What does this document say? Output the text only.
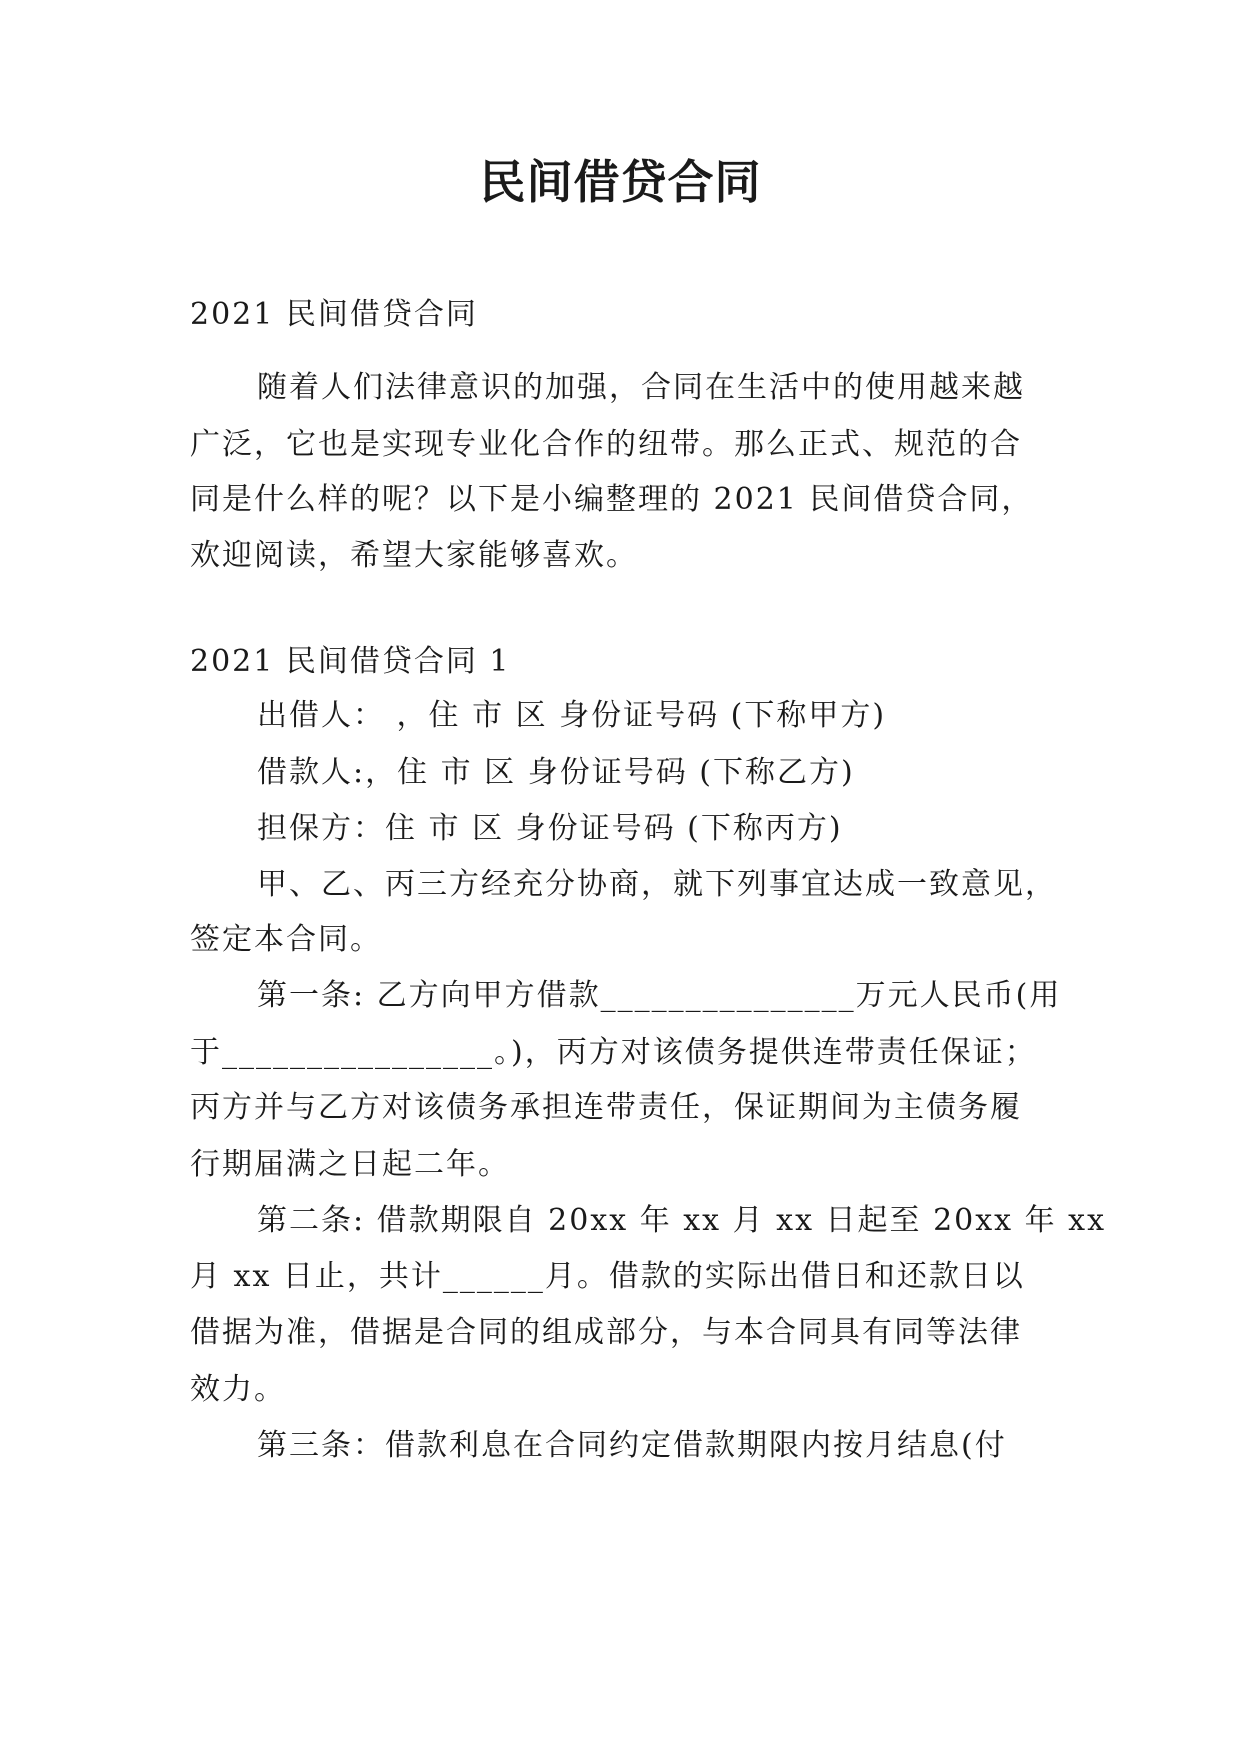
民间借贷合同
2021 民间借贷合同
随着人们法律意识的加强，合同在生活中的使用越来越
广泛，它也是实现专业化合作的纽带。那么正式、规范的合
同是什么样的呢？以下是小编整理的 2021 民间借贷合同，
欢迎阅读，希望大家能够喜欢。
2021 民间借贷合同 1
出借人： ，住 市 区 身份证号码 (下称甲方)
借款人:，住 市 区 身份证号码 (下称乙方)
担保方：住 市 区 身份证号码 (下称丙方)
甲、乙、丙三方经充分协商，就下列事宜达成一致意见，
签定本合同。
第一条: 乙方向甲方借款_______________万元人民币(用
于________________。)，丙方对该债务提供连带责任保证；
丙方并与乙方对该债务承担连带责任，保证期间为主债务履
行期届满之日起二年。
第二条: 借款期限自 20xx 年 xx 月 xx 日起至 20xx 年 xx
月 xx 日止，共计______月。借款的实际出借日和还款日以
借据为准，借据是合同的组成部分，与本合同具有同等法律
效力。
第三条：借款利息在合同约定借款期限内按月结息(付
